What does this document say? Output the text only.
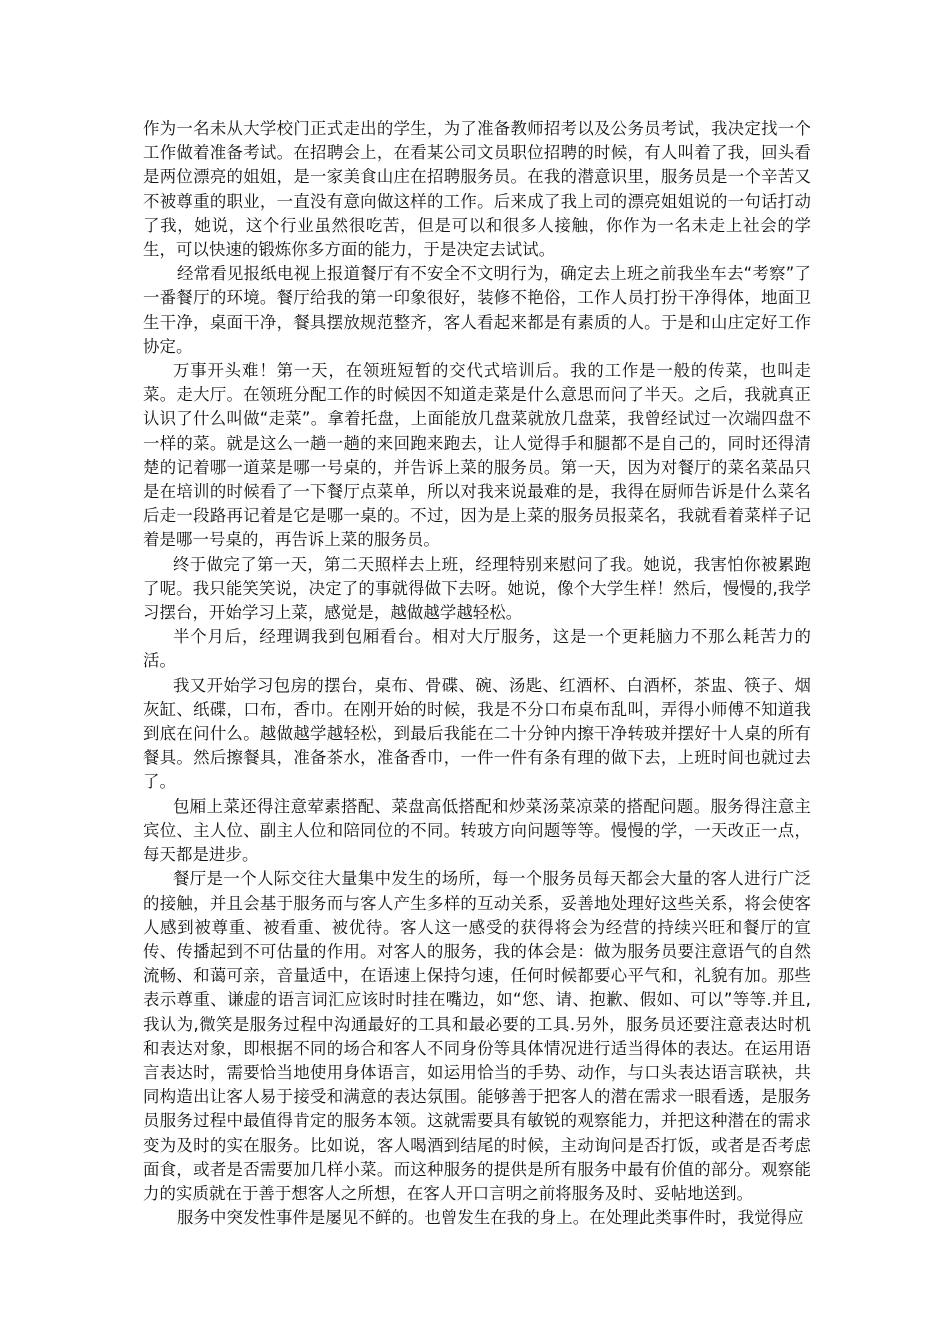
作为一名未从大学校门正式走出的学生，为了准备教师招考以及公务员考试，我决定找一个工作做着准备考试。在招聘会上，在看某公司文员职位招聘的时候，有人叫着了我，回头看是两位漂亮的姐姐，是一家美食山庄在招聘服务员。在我的潜意识里，服务员是一个辛苦又不被尊重的职业，一直没有意向做这样的工作。后来成了我上司的漂亮姐姐说的一句话打动了我，她说，这个行业虽然很吃苦，但是可以和很多人接触，你作为一名未走上社会的学生，可以快速的锻炼你多方面的能力，于是决定去试试。

经常看见报纸电视上报道餐厅有不安全不文明行为，确定去上班之前我坐车去“考察”了一番餐厅的环境。餐厅给我的第一印象很好，装修不艳俗，工作人员打扮干净得体，地面卫生干净，桌面干净，餐具摆放规范整齐，客人看起来都是有素质的人。于是和山庄定好工作协定。

万事开头难！第一天，在领班短暂的交代式培训后。我的工作是一般的传菜，也叫走菜。走大厅。在领班分配工作的时候因不知道走菜是什么意思而问了半天。之后，我就真正认识了什么叫做“走菜”。拿着托盘，上面能放几盘菜就放几盘菜，我曾经试过一次端四盘不一样的菜。就是这么一趟一趟的来回跑来跑去，让人觉得手和腿都不是自己的，同时还得清楚的记着哪一道菜是哪一号桌的，并告诉上菜的服务员。第一天，因为对餐厅的菜名菜品只是在培训的时候看了一下餐厅点菜单，所以对我来说最难的是，我得在厨师告诉是什么菜名后走一段路再记着是它是哪一桌的。不过，因为是上菜的服务员报菜名，我就看着菜样子记着是哪一号桌的，再告诉上菜的服务员。

终于做完了第一天，第二天照样去上班，经理特别来慰问了我。她说，我害怕你被累跑了呢。我只能笑笑说，决定了的事就得做下去呀。她说，像个大学生样！然后，慢慢的,我学习摆台，开始学习上菜，感觉是，越做越学越轻松。

半个月后，经理调我到包厢看台。相对大厅服务，这是一个更耗脑力不那么耗苦力的活。

我又开始学习包房的摆台，桌布、骨碟、碗、汤匙、红酒杯、白酒杯，茶盅、筷子、烟灰缸、纸碟，口布，香巾。在刚开始的时候，我是不分口布桌布乱叫，弄得小师傅不知道我到底在问什么。越做越学越轻松，到最后我能在二十分钟内擦干净转玻并摆好十人桌的所有餐具。然后擦餐具，准备茶水，准备香巾，一件一件有条有理的做下去，上班时间也就过去了。

包厢上菜还得注意荤素搭配、菜盘高低搭配和炒菜汤菜凉菜的搭配问题。服务得注意主宾位、主人位、副主人位和陪同位的不同。转玻方向问题等等。慢慢的学，一天改正一点，每天都是进步。

餐厅是一个人际交往大量集中发生的场所，每一个服务员每天都会大量的客人进行广泛的接触，并且会基于服务而与客人产生多样的互动关系，妥善地处理好这些关系，将会使客人感到被尊重、被看重、被优待。客人这一感受的获得将会为经营的持续兴旺和餐厅的宣传、传播起到不可估量的作用。对客人的服务，我的体会是：做为服务员要注意语气的自然流畅、和蔼可亲，音量适中，在语速上保持匀速，任何时候都要心平气和，礼貌有加。那些表示尊重、谦虚的语言词汇应该时时挂在嘴边，如“您、请、抱歉、假如、可以”等等.并且,我认为,微笑是服务过程中沟通最好的工具和最必要的工具.另外，服务员还要注意表达时机和表达对象，即根据不同的场合和客人不同身份等具体情况进行适当得体的表达。在运用语言表达时，需要恰当地使用身体语言，如运用恰当的手势、动作，与口头表达语言联袂，共同构造出让客人易于接受和满意的表达氛围。能够善于把客人的潜在需求一眼看透，是服务员服务过程中最值得肯定的服务本领。这就需要具有敏锐的观察能力，并把这种潜在的需求变为及时的实在服务。比如说，客人喝酒到结尾的时候，主动询问是否打饭，或者是否考虑面食，或者是否需要加几样小菜。而这种服务的提供是所有服务中最有价值的部分。观察能力的实质就在于善于想客人之所想，在客人开口言明之前将服务及时、妥帖地送到。

服务中突发性事件是屡见不鲜的。也曾发生在我的身上。在处理此类事件时，我觉得应
